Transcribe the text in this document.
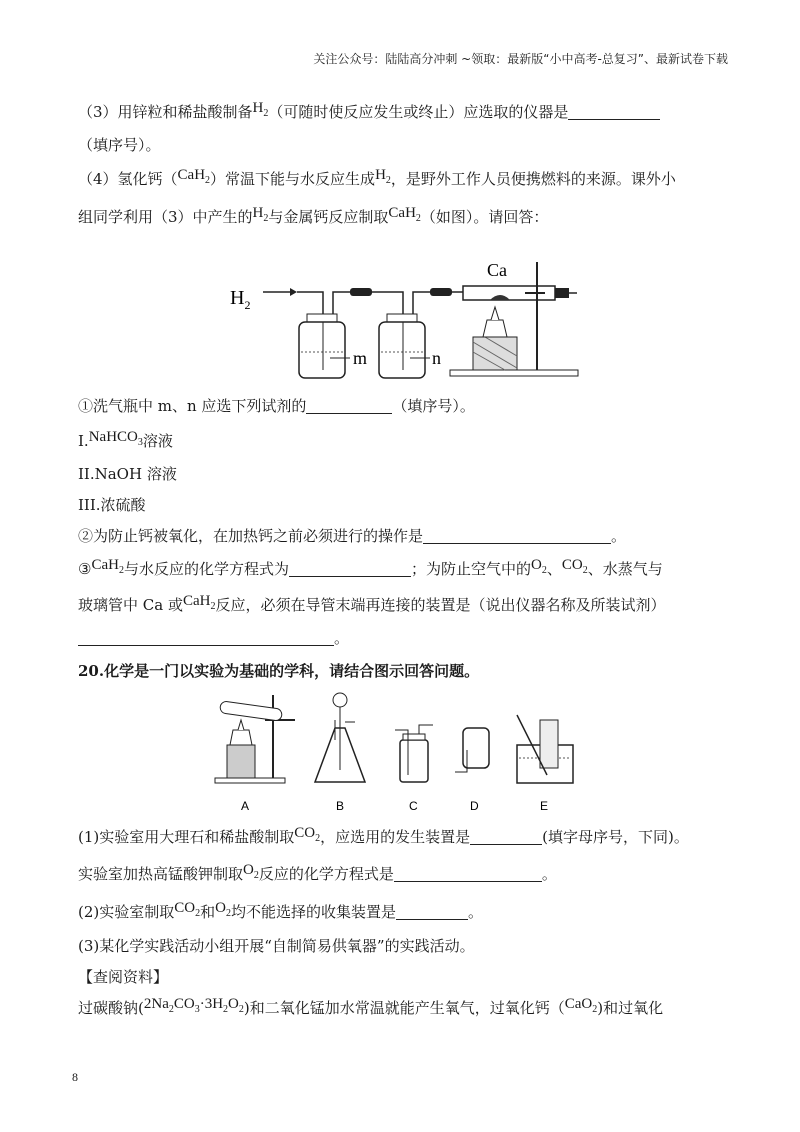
关注公众号：陆陆高分冲刺 ~领取：最新版“小中高考-总复习”、最新试卷下载
（3）用锌粒和稀盐酸制备$H_2$（可随时使反应发生或终止）应选取的仪器是
（填序号）。
（4）氢化钙（CaH$_2$）常温下能与水反应生成$H_2$，是野外工作人员便携燃料的来源。课外小
组同学利用（3）中产生的$H_2$与金属钙反应制取CaH$_2$（如图）。请回答：
$H_2$
m	n
Ca
①洗气瓶中 m、n 应选下列试剂的	（填序号）。
I.NaHCO$_3$溶液
II.NaOH 溶液
III.浓硫酸
②为防止钙被氧化，在加热钙之前必须进行的操作是	。
③CaH$_2$与水反应的化学方程式为	；为防止空气中的$O_2$、$CO_2$、水蒸气与
玻璃管中 Ca 或CaH$_2$反应，必须在导管末端再连接的装置是（说出仪器名称及所装试剂）
。
20.化学是一门以实验为基础的学科，请结合图示回答问题。
A	B	C	D	E
(1)实验室用大理石和稀盐酸制取$CO_2$，应选用的发生装置是	(填字母序号，下同)。
实验室加热高锰酸钾制取$O_2$反应的化学方程式是	。
(2)实验室制取$CO_2$和$O_2$均不能选择的收集装置是	。
(3)某化学实践活动小组开展“自制简易供氧器”的实践活动。
【查阅资料】
过碳酸钠$(2Na_2CO_3\cdot 3H_2O_2)$和二氧化锰加水常温就能产生氧气，过氧化钙（CaO$_2$)和过氧化
8
